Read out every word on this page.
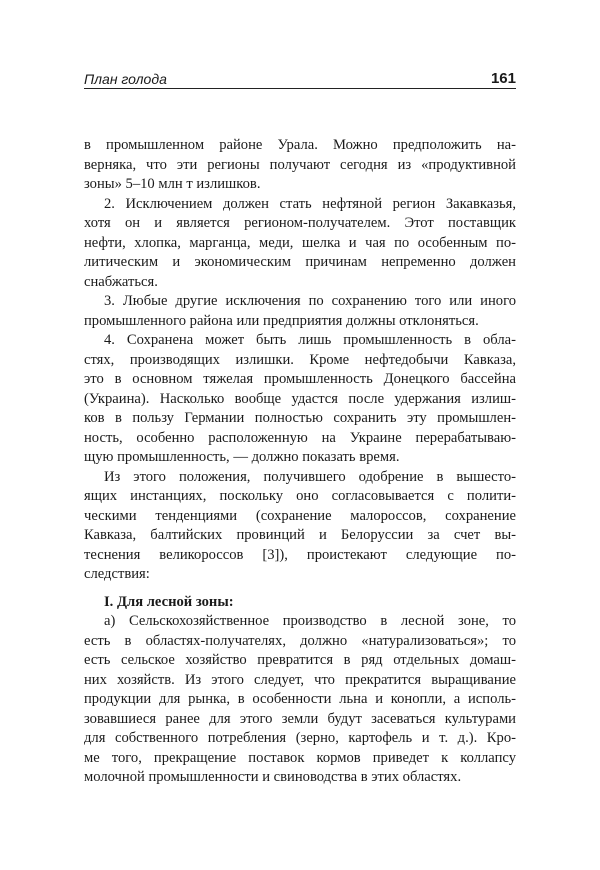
План голода	161
в промышленном районе Урала. Можно предположить на-
верняка, что эти регионы получают сегодня из «продуктивной
зоны» 5–10 млн т излишков.
2. Исключением должен стать нефтяной регион Закавказья,
хотя он и является регионом-получателем. Этот поставщик
нефти, хлопка, марганца, меди, шелка и чая по особенным по-
литическим и экономическим причинам непременно должен
снабжаться.
3. Любые другие исключения по сохранению того или иного
промышленного района или предприятия должны отклоняться.
4. Сохранена может быть лишь промышленность в обла-
стях, производящих излишки. Кроме нефтедобычи Кавказа,
это в основном тяжелая промышленность Донецкого бассейна
(Украина). Насколько вообще удастся после удержания излиш-
ков в пользу Германии полностью сохранить эту промышлен-
ность, особенно расположенную на Украине перерабатываю-
щую промышленность, — должно показать время.
Из этого положения, получившего одобрение в вышесто-
ящих инстанциях, поскольку оно согласовывается с полити-
ческими тенденциями (сохранение малороссов, сохранение
Кавказа, балтийских провинций и Белоруссии за счет вы-
теснения великороссов [3]), проистекают следующие по-
следствия:
I. Для лесной зоны:
а) Сельскохозяйственное производство в лесной зоне, то
есть в областях-получателях, должно «натурализоваться»; то
есть сельское хозяйство превратится в ряд отдельных домаш-
них хозяйств. Из этого следует, что прекратится выращивание
продукции для рынка, в особенности льна и конопли, а исполь-
зовавшиеся ранее для этого земли будут засеваться культурами
для собственного потребления (зерно, картофель и т. д.). Кро-
ме того, прекращение поставок кормов приведет к коллапсу
молочной промышленности и свиноводства в этих областях.
